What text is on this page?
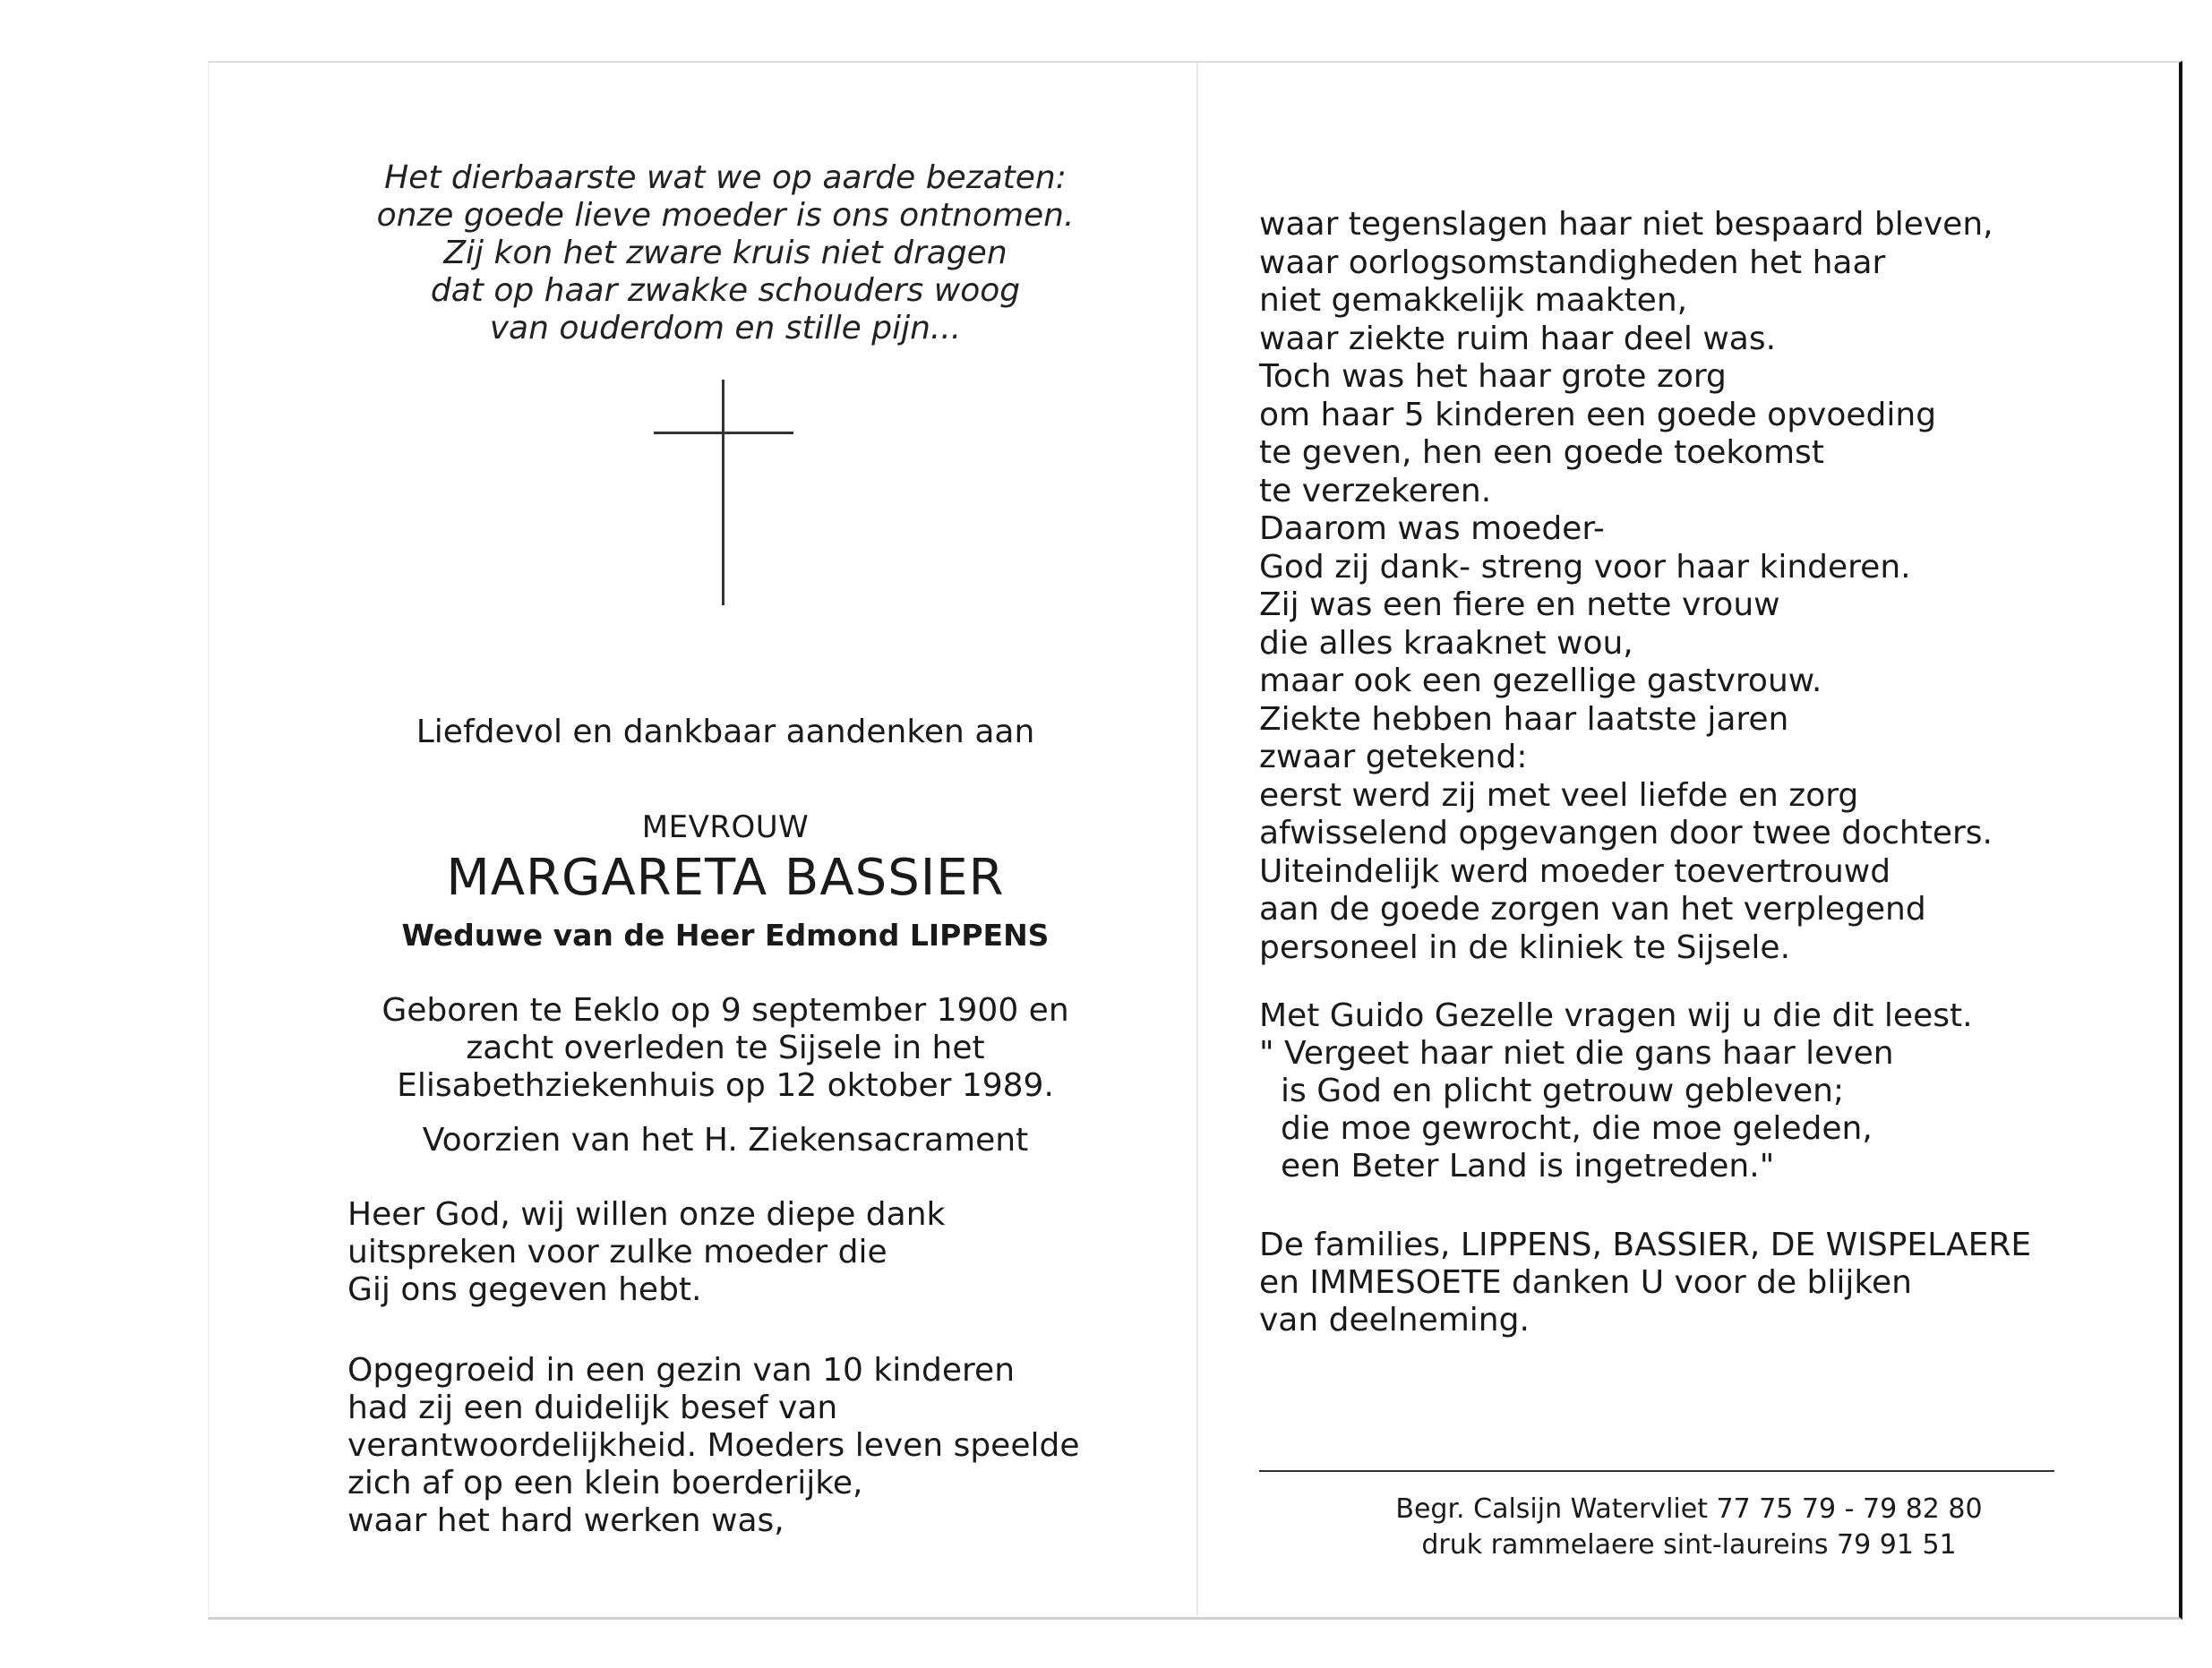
Het dierbaarste wat we op aarde bezaten:
onze goede lieve moeder is ons ontnomen.
Zij kon het zware kruis niet dragen
dat op haar zwakke schouders woog
van ouderdom en stille pijn...
Liefdevol en dankbaar aandenken aan
MEVROUW
MARGARETA BASSIER
Weduwe van de Heer Edmond LIPPENS
Geboren te Eeklo op 9 september 1900 en
zacht overleden te Sijsele in het
Elisabethziekenhuis op 12 oktober 1989.
Voorzien van het H. Ziekensacrament
Heer God, wij willen onze diepe dank
uitspreken voor zulke moeder die
Gij ons gegeven hebt.
Opgegroeid in een gezin van 10 kinderen
had zij een duidelijk besef van
verantwoordelijkheid. Moeders leven speelde
zich af op een klein boerderijke,
waar het hard werken was,
waar tegenslagen haar niet bespaard bleven,
waar oorlogsomstandigheden het haar
niet gemakkelijk maakten,
waar ziekte ruim haar deel was.
Toch was het haar grote zorg
om haar 5 kinderen een goede opvoeding
te geven, hen een goede toekomst
te verzekeren.
Daarom was moeder-
God zij dank- streng voor haar kinderen.
Zij was een fiere en nette vrouw
die alles kraaknet wou,
maar ook een gezellige gastvrouw.
Ziekte hebben haar laatste jaren
zwaar getekend:
eerst werd zij met veel liefde en zorg
afwisselend opgevangen door twee dochters.
Uiteindelijk werd moeder toevertrouwd
aan de goede zorgen van het verplegend
personeel in de kliniek te Sijsele.
Met Guido Gezelle vragen wij u die dit leest.
" Vergeet haar niet die gans haar leven
is God en plicht getrouw gebleven;
die moe gewrocht, die moe geleden,
een Beter Land is ingetreden."
De families, LIPPENS, BASSIER, DE WISPELAERE
en IMMESOETE danken U voor de blijken
van deelneming.
Begr. Calsijn Watervliet 77 75 79 - 79 82 80
druk rammelaere sint-laureins 79 91 51
